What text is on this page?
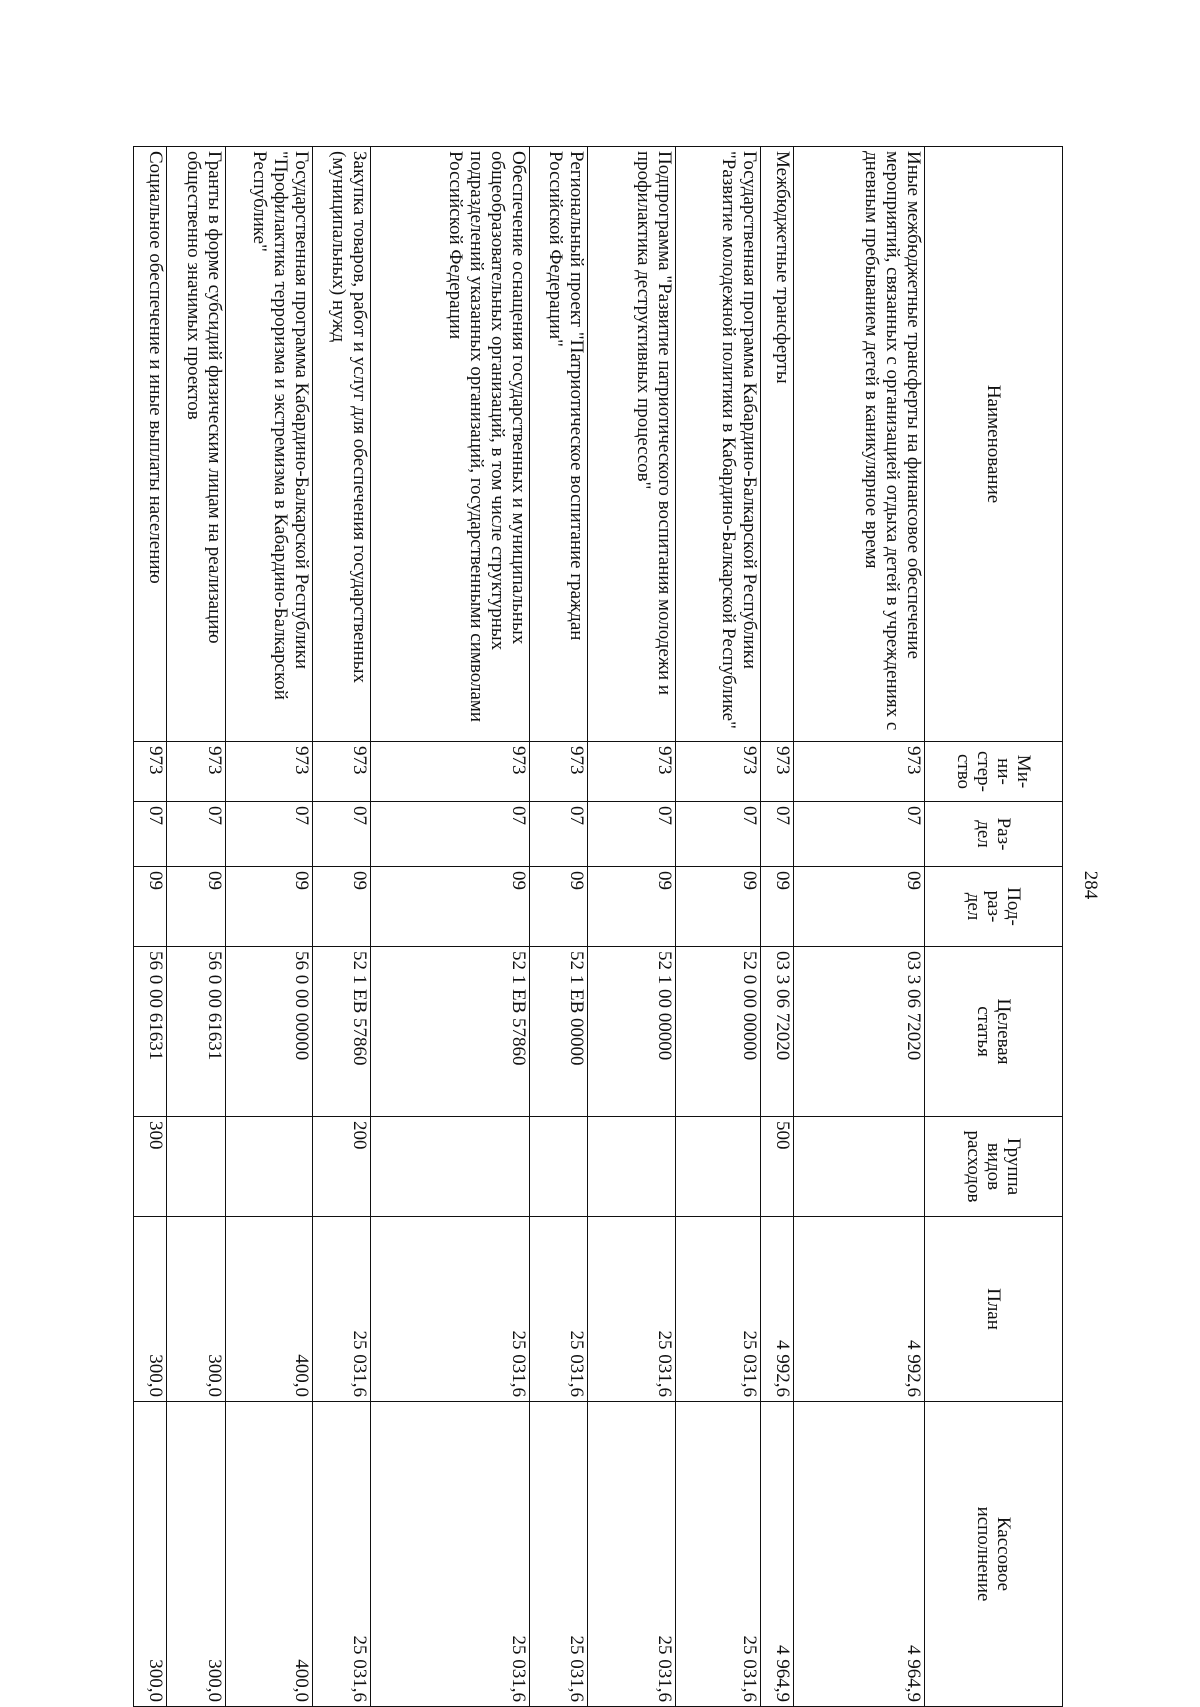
284
Наименование	Ми-
ни-
стер-
ство	Раз-
дел	Под-
раз-
дел	Целевая
статья	Группа
видов
расходов	План	Кассовое
исполнение
Иные межбюджетные трансферты на финансовое обеспечение мероприятий, связанных с организацией отдыха детей в учреждениях с дневным пребыванием детей в каникулярное время	973	07	09	03 3 06 72020		4 992,6	4 964,9
Межбюджетные трансферты	973	07	09	03 3 06 72020	500	4 992,6	4 964,9
Государственная программа Кабардино-Балкарской Республики "Развитие молодежной политики в Кабардино-Балкарской Республике"	973	07	09	52 0 00 00000		25 031,6	25 031,6
Подпрограмма "Развитие патриотического воспитания молодежи и профилактика деструктивных процессов"	973	07	09	52 1 00 00000		25 031,6	25 031,6
Региональный проект "Патриотическое воспитание граждан Российской Федерации"	973	07	09	52 1 ЕВ 00000		25 031,6	25 031,6
Обеспечение оснащения государственных и муниципальных общеобразовательных организаций, в том числе структурных подразделений указанных организаций, государственными символами Российской Федерации	973	07	09	52 1 ЕВ 57860		25 031,6	25 031,6
Закупка товаров, работ и услуг для обеспечения государственных (муниципальных) нужд	973	07	09	52 1 ЕВ 57860	200	25 031,6	25 031,6
Государственная программа Кабардино-Балкарской Республики "Профилактика терроризма и экстремизма в Кабардино-Балкарской Республике"	973	07	09	56 0 00 00000		400,0	400,0
Гранты в форме субсидий физическим лицам на реализацию общественно значимых проектов	973	07	09	56 0 00 61631		300,0	300,0
Социальное обеспечение и иные выплаты населению	973	07	09	56 0 00 61631	300	300,0	300,0
